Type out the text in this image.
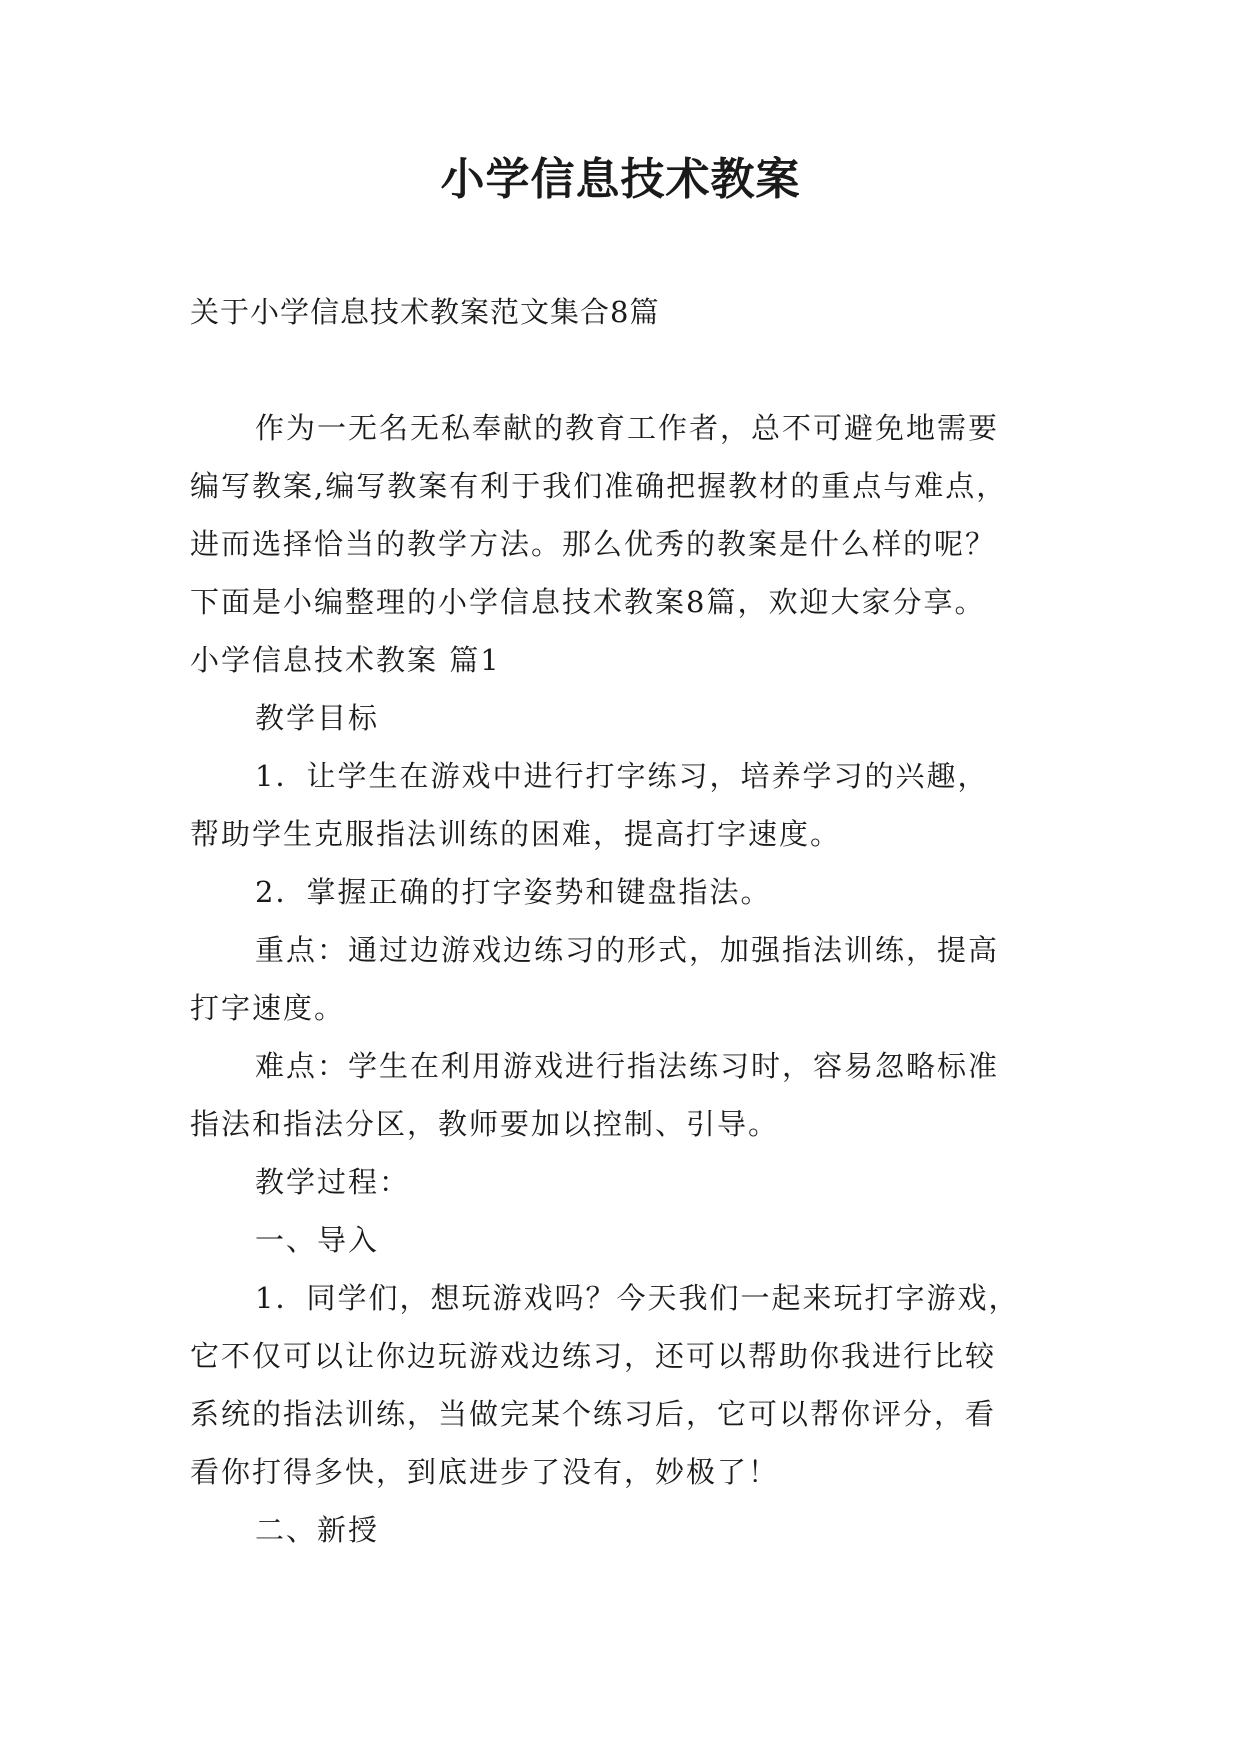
小学信息技术教案
关于小学信息技术教案范文集合8篇
作为一无名无私奉献的教育工作者，总不可避免地需要
编写教案,编写教案有利于我们准确把握教材的重点与难点，
进而选择恰当的教学方法。那么优秀的教案是什么样的呢？
下面是小编整理的小学信息技术教案8篇，欢迎大家分享。
小学信息技术教案 篇1
教学目标
1．让学生在游戏中进行打字练习，培养学习的兴趣，
帮助学生克服指法训练的困难，提高打字速度。
2．掌握正确的打字姿势和键盘指法。
重点：通过边游戏边练习的形式，加强指法训练，提高
打字速度。
难点：学生在利用游戏进行指法练习时，容易忽略标准
指法和指法分区，教师要加以控制、引导。
教学过程：
一、导入
1．同学们，想玩游戏吗？今天我们一起来玩打字游戏，
它不仅可以让你边玩游戏边练习，还可以帮助你我进行比较
系统的指法训练，当做完某个练习后，它可以帮你评分，看
看你打得多快，到底进步了没有，妙极了！
二、新授
